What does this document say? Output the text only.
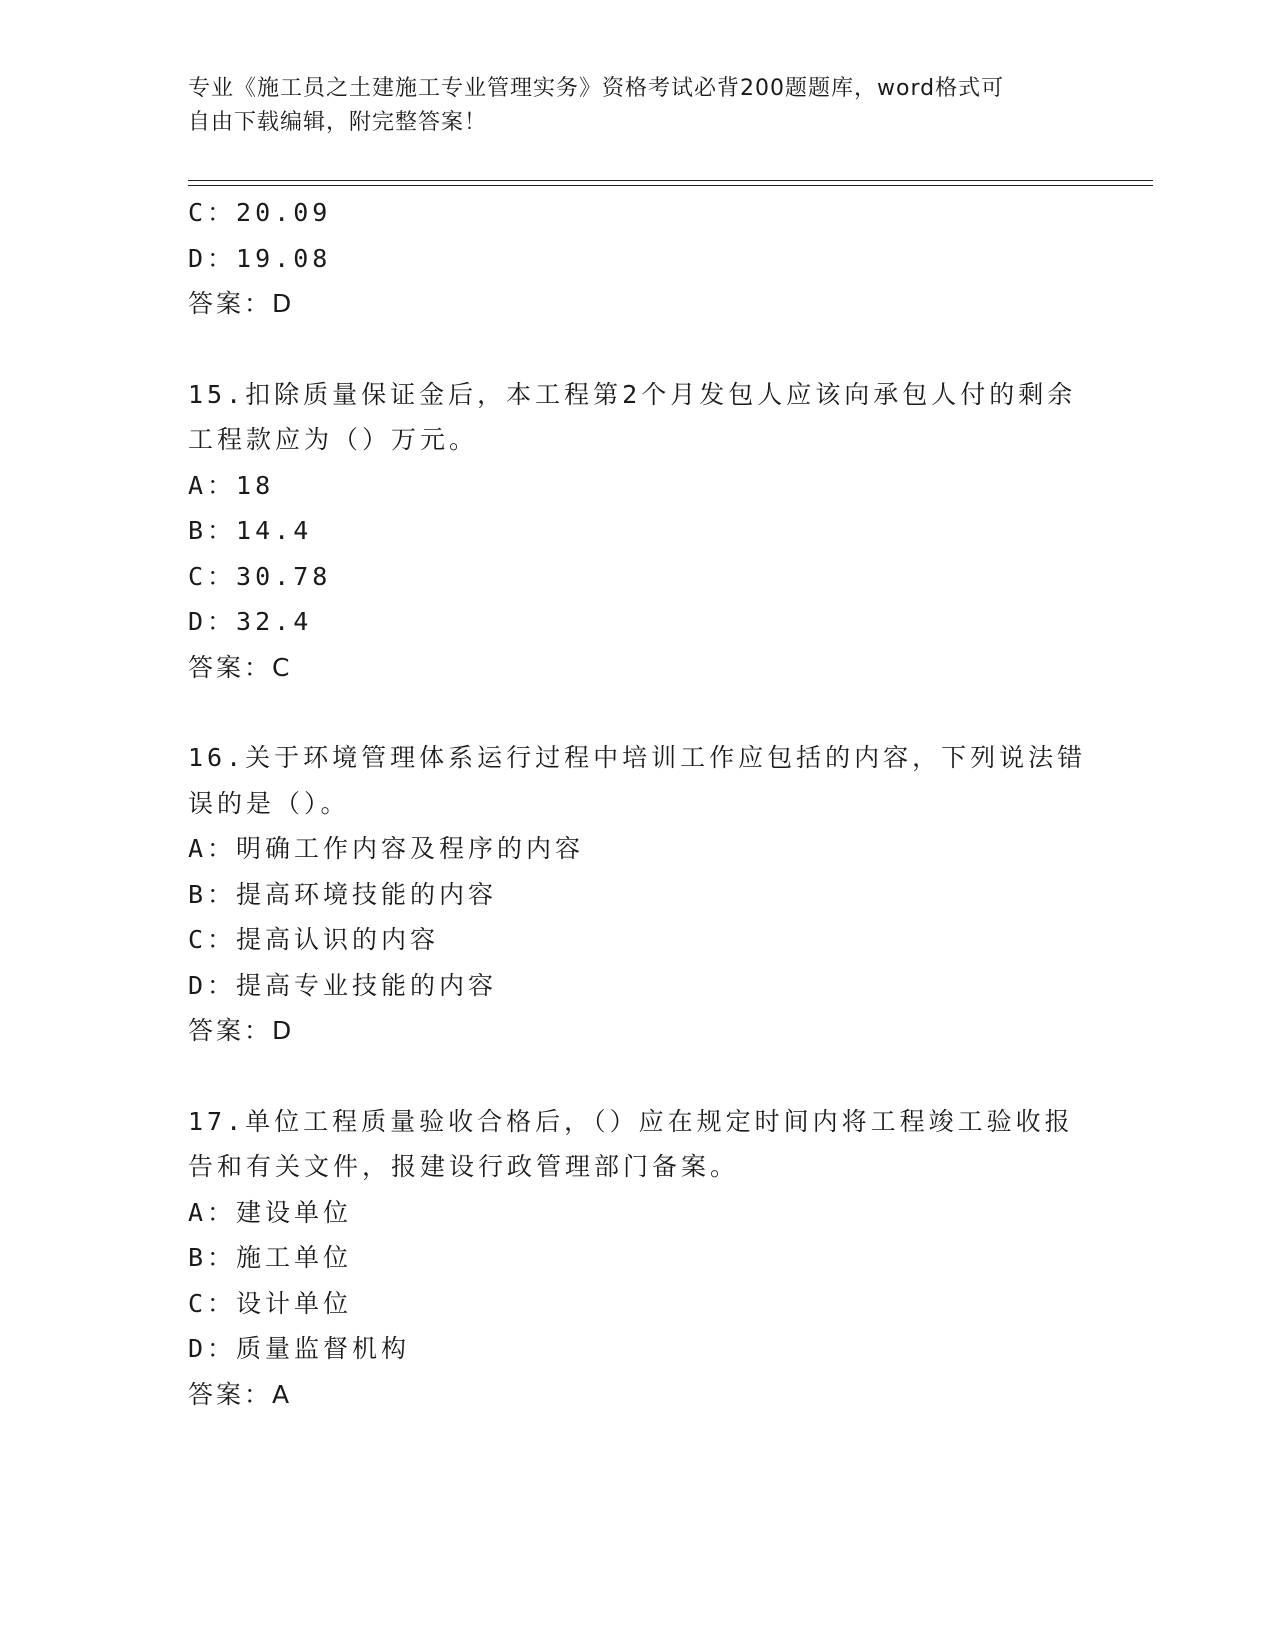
专业《施工员之土建施工专业管理实务》资格考试必背200题题库，word格式可
自由下载编辑，附完整答案！
C：20.09
D：19.08
答案：D
15.扣除质量保证金后，本工程第2个月发包人应该向承包人付的剩余
工程款应为（）万元。
A：18
B：14.4
C：30.78
D：32.4
答案：C
16.关于环境管理体系运行过程中培训工作应包括的内容，下列说法错
误的是（）。
A：明确工作内容及程序的内容
B：提高环境技能的内容
C：提高认识的内容
D：提高专业技能的内容
答案：D
17.单位工程质量验收合格后，（）应在规定时间内将工程竣工验收报
告和有关文件，报建设行政管理部门备案。
A：建设单位
B：施工单位
C：设计单位
D：质量监督机构
答案：A
